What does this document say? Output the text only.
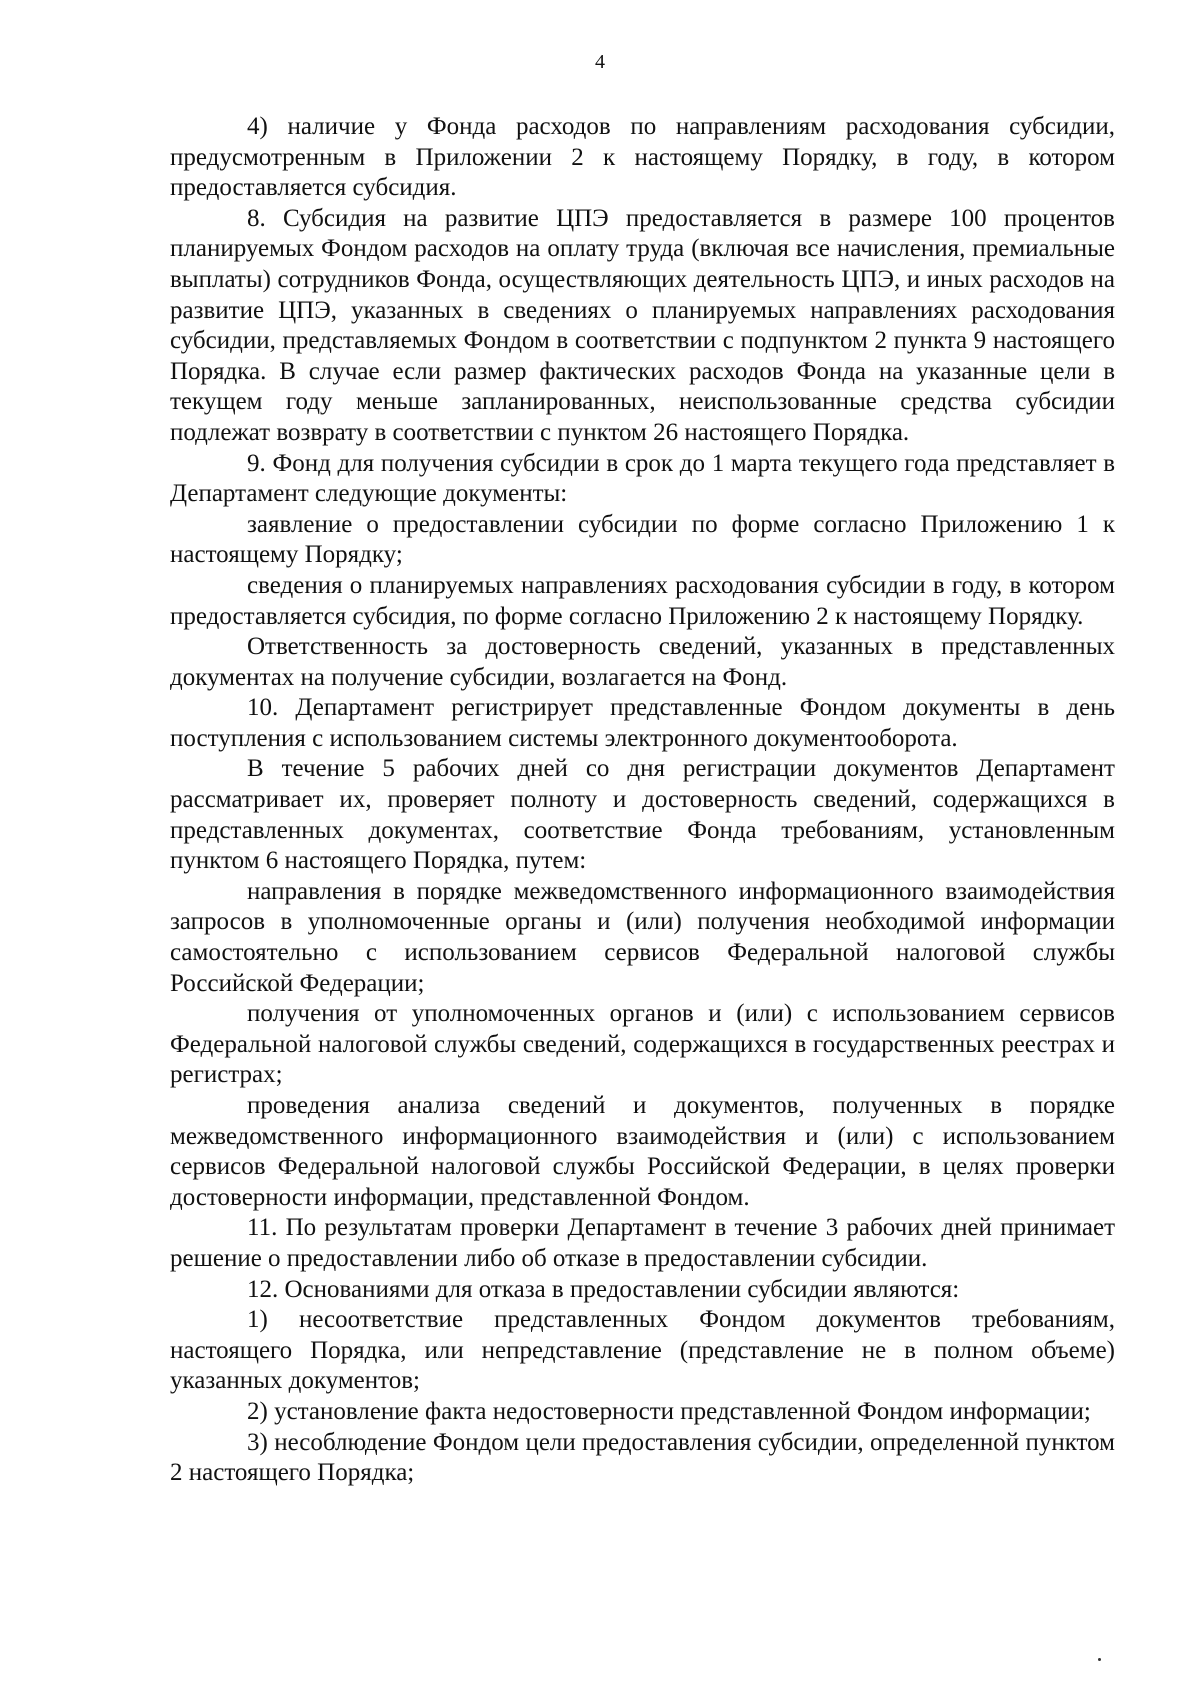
4

4) наличие у Фонда расходов по направлениям расходования субсидии, предусмотренным в Приложении 2 к настоящему Порядку, в году, в котором предоставляется субсидия.

8. Субсидия на развитие ЦПЭ предоставляется в размере 100 процентов планируемых Фондом расходов на оплату труда (включая все начисления, премиальные выплаты) сотрудников Фонда, осуществляющих деятельность ЦПЭ, и иных расходов на развитие ЦПЭ, указанных в сведениях о планируемых направлениях расходования субсидии, представляемых Фондом в соответствии с подпунктом 2 пункта 9 настоящего Порядка. В случае если размер фактических расходов Фонда на указанные цели в текущем году меньше запланированных, неиспользованные средства субсидии подлежат возврату в соответствии с пунктом 26 настоящего Порядка.

9. Фонд для получения субсидии в срок до 1 марта текущего года представляет в Департамент следующие документы:

заявление о предоставлении субсидии по форме согласно Приложению 1 к настоящему Порядку;

сведения о планируемых направлениях расходования субсидии в году, в котором предоставляется субсидия, по форме согласно Приложению 2 к настоящему Порядку.

Ответственность за достоверность сведений, указанных в представленных документах на получение субсидии, возлагается на Фонд.

10. Департамент регистрирует представленные Фондом документы в день поступления с использованием системы электронного документооборота.

В течение 5 рабочих дней со дня регистрации документов Департамент рассматривает их, проверяет полноту и достоверность сведений, содержащихся в представленных документах, соответствие Фонда требованиям, установленным пунктом 6 настоящего Порядка, путем:

направления в порядке межведомственного информационного взаимодействия запросов в уполномоченные органы и (или) получения необходимой информации самостоятельно с использованием сервисов Федеральной налоговой службы Российской Федерации;

получения от уполномоченных органов и (или) с использованием сервисов Федеральной налоговой службы сведений, содержащихся в государственных реестрах и регистрах;

проведения анализа сведений и документов, полученных в порядке межведомственного информационного взаимодействия и (или) с использованием сервисов Федеральной налоговой службы Российской Федерации, в целях проверки достоверности информации, представленной Фондом.

11. По результатам проверки Департамент в течение 3 рабочих дней принимает решение о предоставлении либо об отказе в предоставлении субсидии.

12. Основаниями для отказа в предоставлении субсидии являются:

1) несоответствие представленных Фондом документов требованиям, настоящего Порядка, или непредставление (представление не в полном объеме) указанных документов;

2) установление факта недостоверности представленной Фондом информации;

3) несоблюдение Фондом цели предоставления субсидии, определенной пунктом 2 настоящего Порядка;
